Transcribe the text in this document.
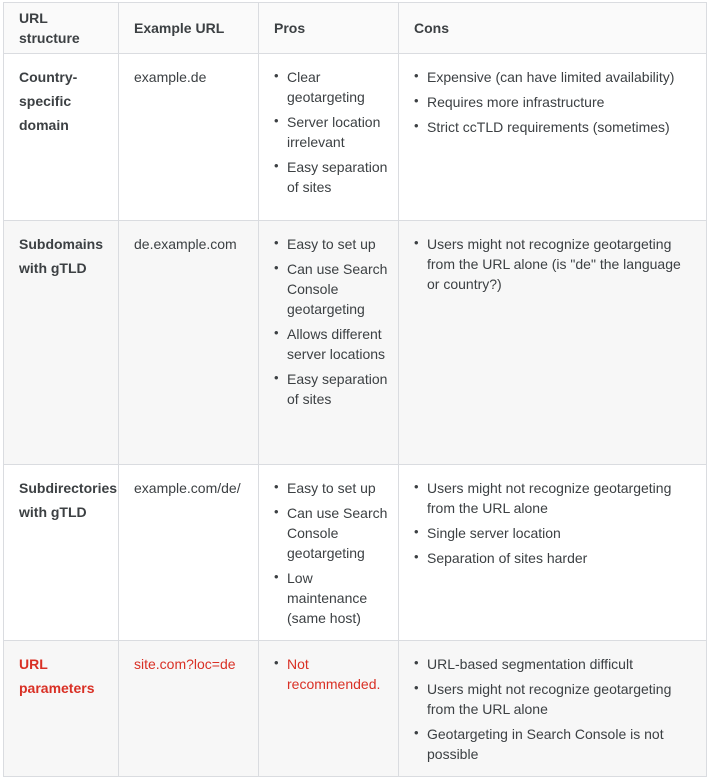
URL structure	Example URL	Pros	Cons
Country-specific domain	example.de	
•Clear geotargeting
• Server location irrelevant
• Easy separation of sites

• Expensive (can have limited availability)
• Requires more infrastructure
• Strict ccTLD requirements (sometimes)

Subdomains with gTLD	de.example.com	
•Easy to set up
• Can use Search Console geotargeting
• Allows different server locations
• Easy separation of sites

• Users might not recognize geotargeting from the URL alone (is "de" the language or country?)

Subdirectories with gTLD	example.com/de/	
•Easy to set up
• Can use Search Console geotargeting
• Low maintenance (same host)

• Users might not recognize geotargeting from the URL alone
• Single server location
• Separation of sites harder

URL parameters	site.com?loc=de	
•Not recommended.

• URL-based segmentation difficult
• Users might not recognize geotargeting from the URL alone
• Geotargeting in Search Console is not possible
